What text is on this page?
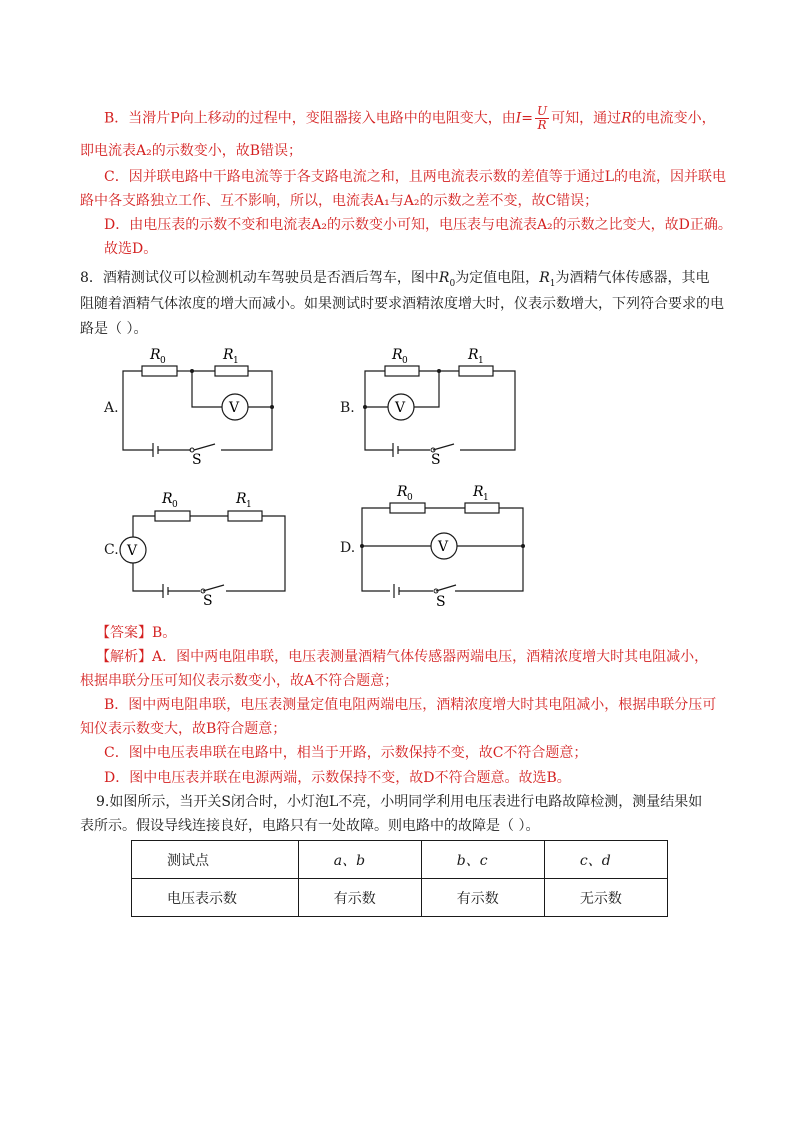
B．当滑片P向上移动的过程中，变阻器接入电路中的电阻变大，由$I= \frac{U}{R}$ 可知，通过R的电流变小，
即电流表A₂的示数变小，故B错误；
C．因并联电路中干路电流等于各支路电流之和，且两电流表示数的差值等于通过L的电流，因并联电
路中各支路独立工作、互不影响，所以，电流表A₁与A₂的示数之差不变，故C错误；
D．由电压表的示数不变和电流表A₂的示数变小可知，电压表与电流表A₂的示数之比变大，故D正确。
故选D。
8．酒精测试仪可以检测机动车驾驶员是否酒后驾车，图中$R_0$为定值电阻，$R_1$为酒精气体传感器，其电
阻随着酒精气体浓度的增大而减小。如果测试时要求酒精浓度增大时，仪表示数增大，下列符合要求的电
路是（ ）。
R 0	R 1
V
S
A.
R 0	R 1
V
S
B.
R 0	R 1
V
S
C.
R 0	R 1
V
S
D.
【答案】B。
【解析】A．图中两电阻串联，电压表测量酒精气体传感器两端电压，酒精浓度增大时其电阻减小，
根据串联分压可知仪表示数变小，故A不符合题意；
B．图中两电阻串联，电压表测量定值电阻两端电压，酒精浓度增大时其电阻减小，根据串联分压可
知仪表示数变大，故B符合题意；
C．图中电压表串联在电路中，相当于开路，示数保持不变，故C不符合题意；
D．图中电压表并联在电源两端，示数保持不变，故D不符合题意。故选B。
9.如图所示，当开关S闭合时，小灯泡L不亮，小明同学利用电压表进行电路故障检测，测量结果如
表所示。假设导线连接良好，电路只有一处故障。则电路中的故障是（ ）。
测试点	a、b	b、c	c、d
电压表示数	有示数	有示数	无示数
